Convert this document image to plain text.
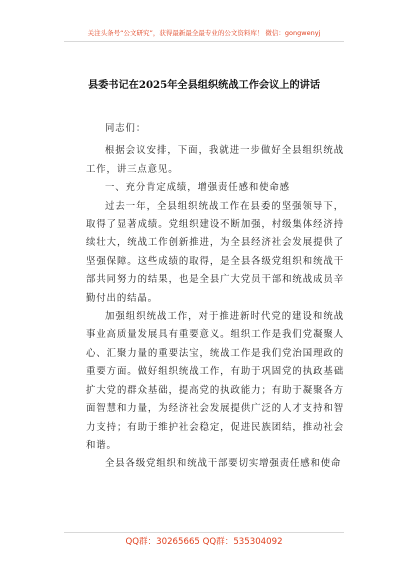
关注头条号“公文研究”，获得最新最全最专业的公文资料库！ 微信：gongwenyj
县委书记在2025年全县组织统战工作会议上的讲话

同志们：

根据会议安排，下面，我就进一步做好全县组织统战工作，讲三点意见。

一、充分肯定成绩，增强责任感和使命感

过去一年，全县组织统战工作在县委的坚强领导下，取得了显著成绩。党组织建设不断加强，村级集体经济持续壮大，统战工作创新推进，为全县经济社会发展提供了坚强保障。这些成绩的取得，是全县各级党组织和统战干部共同努力的结果，也是全县广大党员干部和统战成员辛勤付出的结晶。

加强组织统战工作，对于推进新时代党的建设和统战事业高质量发展具有重要意义。组织工作是我们党凝聚人心、汇聚力量的重要法宝，统战工作是我们党治国理政的重要方面。做好组织统战工作，有助于巩固党的执政基础扩大党的群众基础，提高党的执政能力；有助于凝聚各方面智慧和力量，为经济社会发展提供广泛的人才支持和智力支持；有助于维护社会稳定，促进民族团结，推动社会和谐。

全县各级党组织和统战干部要切实增强责任感和使命

QQ群：30265665 QQ群：535304092
